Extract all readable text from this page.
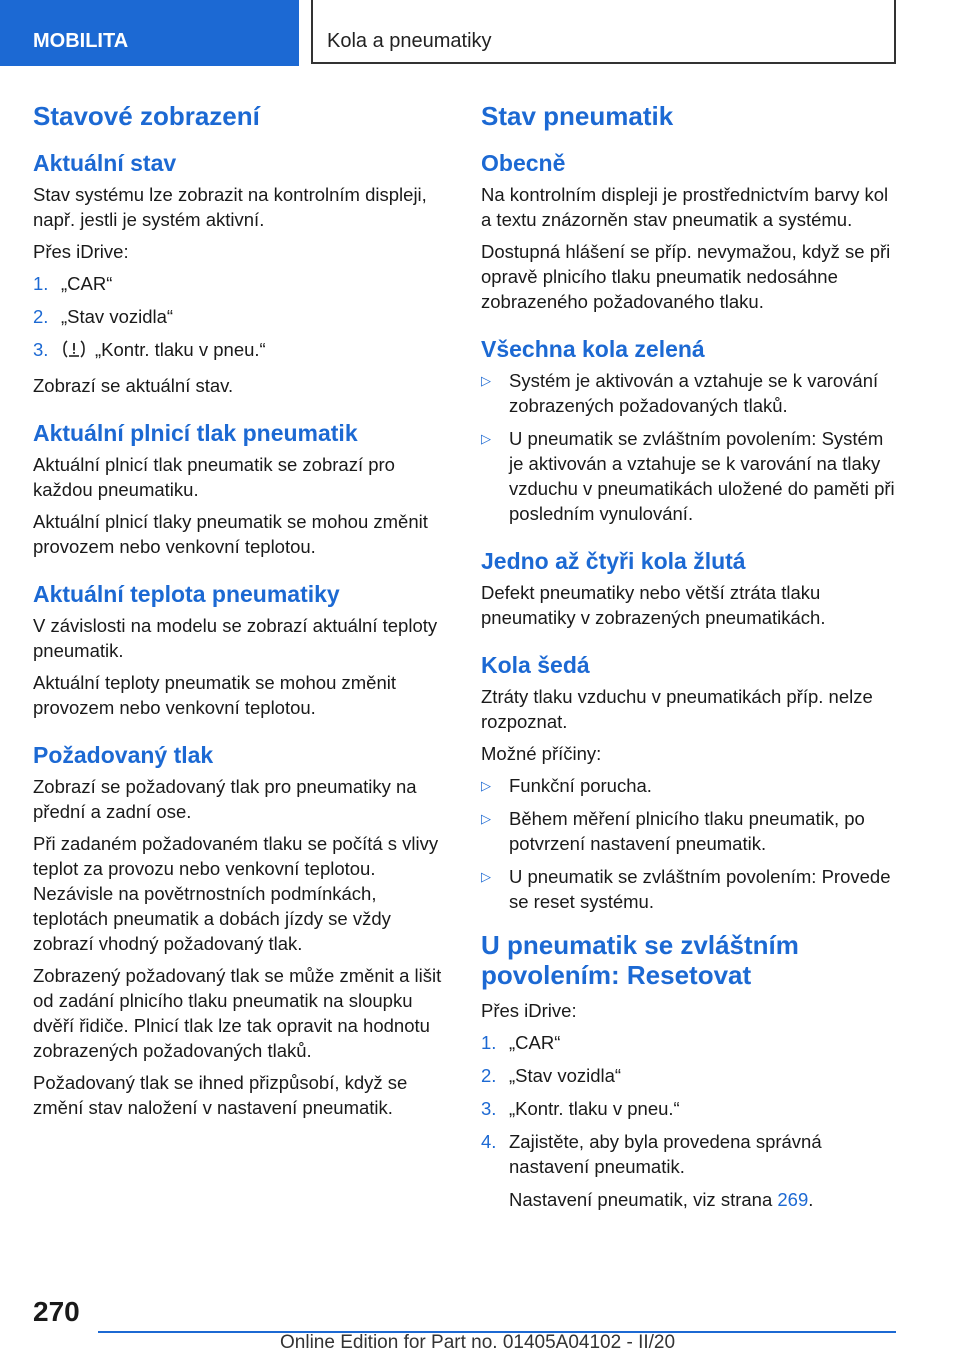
MOBILITA	Kola a pneumatiky
Stavové zobrazení
Aktuální stav

Stav systému lze zobrazit na kontrolním displeji, např. jestli je systém aktivní.

Přes iDrive:

1. „CAR“
2. „Stav vozidla“
3.	„Kontr. tlaku v pneu.“

Zobrazí se aktuální stav.

Aktuální plnicí tlak pneumatik

Aktuální plnicí tlak pneumatik se zobrazí pro každou pneumatiku.

Aktuální plnicí tlaky pneumatik se mohou změnit provozem nebo venkovní teplotou.

Aktuální teplota pneumatiky

V závislosti na modelu se zobrazí aktuální teploty pneumatik.

Aktuální teploty pneumatik se mohou změnit provozem nebo venkovní teplotou.

Požadovaný tlak

Zobrazí se požadovaný tlak pro pneumatiky na přední a zadní ose.

Při zadaném požadovaném tlaku se počítá s vlivy teplot za provozu nebo venkovní teplotou. Nezávisle na povětrnostních podmínkách, teplotách pneumatik a dobách jízdy se vždy zobrazí vhodný požadovaný tlak.

Zobrazený požadovaný tlak se může změnit a lišit od zadání plnicího tlaku pneumatik na sloupku dvěří řidiče. Plnicí tlak lze tak opravit na hodnotu zobrazených požadovaných tlaků.

Požadovaný tlak se ihned přizpůsobí, když se změní stav naložení v nastavení pneumatik.

Stav pneumatik
Obecně

Na kontrolním displeji je prostřednictvím barvy kol a textu znázorněn stav pneumatik a systému.

Dostupná hlášení se příp. nevymažou, když se při opravě plnicího tlaku pneumatik nedosáhne zobrazeného požadovaného tlaku.

Všechna kola zelená
▷ Systém je aktivován a vztahuje se k varování zobrazených požadovaných tlaků.
▷ U pneumatik se zvláštním povolením: Systém je aktivován a vztahuje se k varování na tlaky vzduchu v pneumatikách uložené do paměti při posledním vynulování.
Jedno až čtyři kola žlutá

Defekt pneumatiky nebo větší ztráta tlaku pneumatiky v zobrazených pneumatikách.

Kola šedá

Ztráty tlaku vzduchu v pneumatikách příp. nelze rozpoznat.

Možné příčiny:

▷ Funkční porucha.
▷ Během měření plnicího tlaku pneumatik, po potvrzení nastavení pneumatik.
▷ U pneumatik se zvláštním povolením: Provede se reset systému.
U pneumatik se zvláštním povolením: Resetovat

Přes iDrive:

1. „CAR“
2. „Stav vozidla“
3. „Kontr. tlaku v pneu.“
4. Zajistěte, aby byla provedena správná nastavení pneumatik.
Nastavení pneumatik, viz strana 269.
270
Online Edition for Part no. 01405A04102 - II/20
